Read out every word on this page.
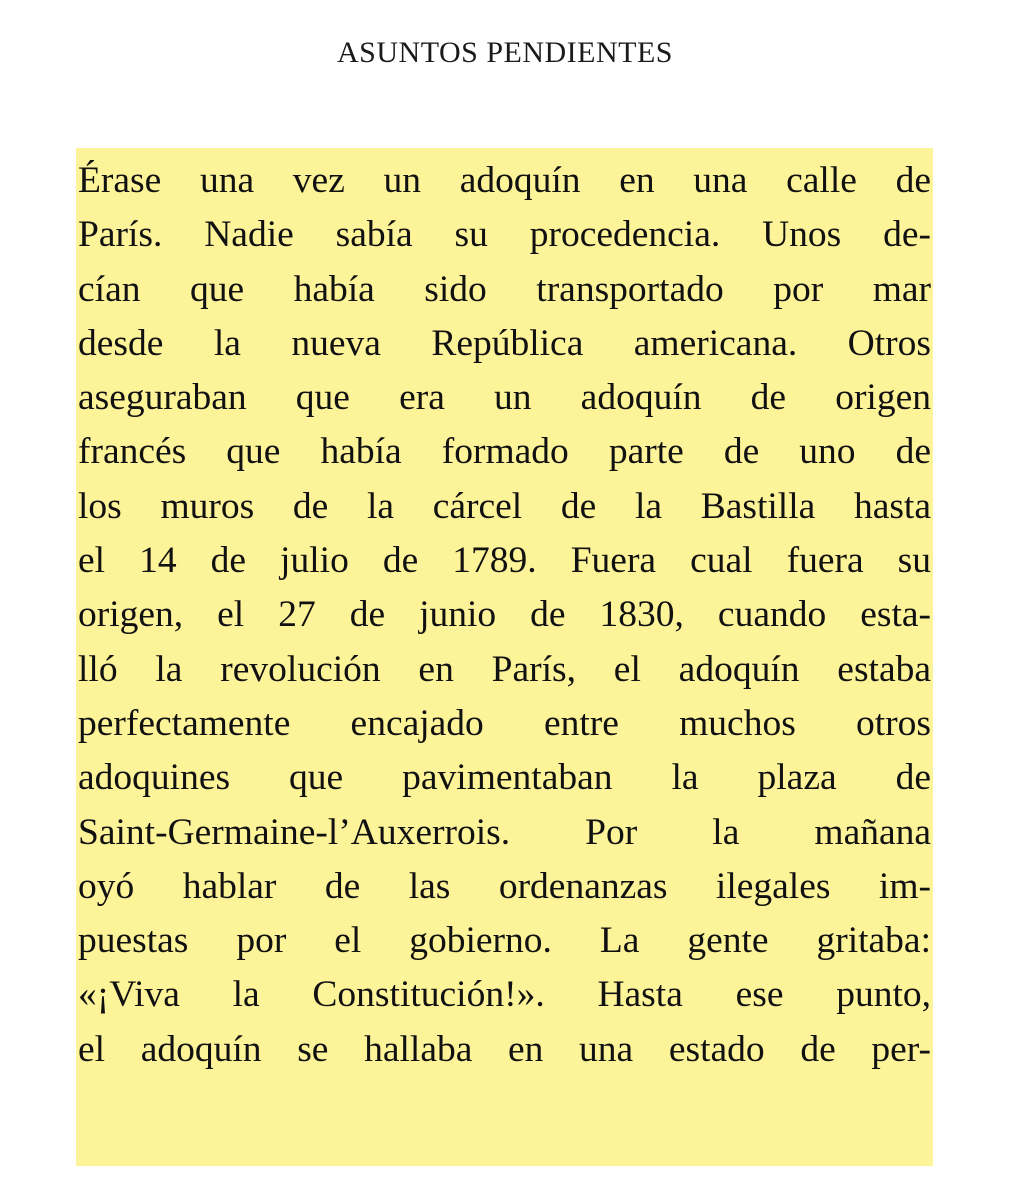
ASUNTOS PENDIENTES
Érase una vez un adoquín en una calle de
París. Nadie sabía su procedencia. Unos de-
cían que había sido transportado por mar
desde la nueva República americana. Otros
aseguraban que era un adoquín de origen
francés que había formado parte de uno de
los muros de la cárcel de la Bastilla hasta
el 14 de julio de 1789. Fuera cual fuera su
origen, el 27 de junio de 1830, cuando esta-
lló la revolución en París, el adoquín estaba
perfectamente encajado entre muchos otros
adoquines que pavimentaban la plaza de
Saint-Germaine-l’Auxerrois. Por la mañana
oyó hablar de las ordenanzas ilegales im-
puestas por el gobierno. La gente gritaba:
«¡Viva la Constitución!». Hasta ese punto,
el adoquín se hallaba en una estado de per-
